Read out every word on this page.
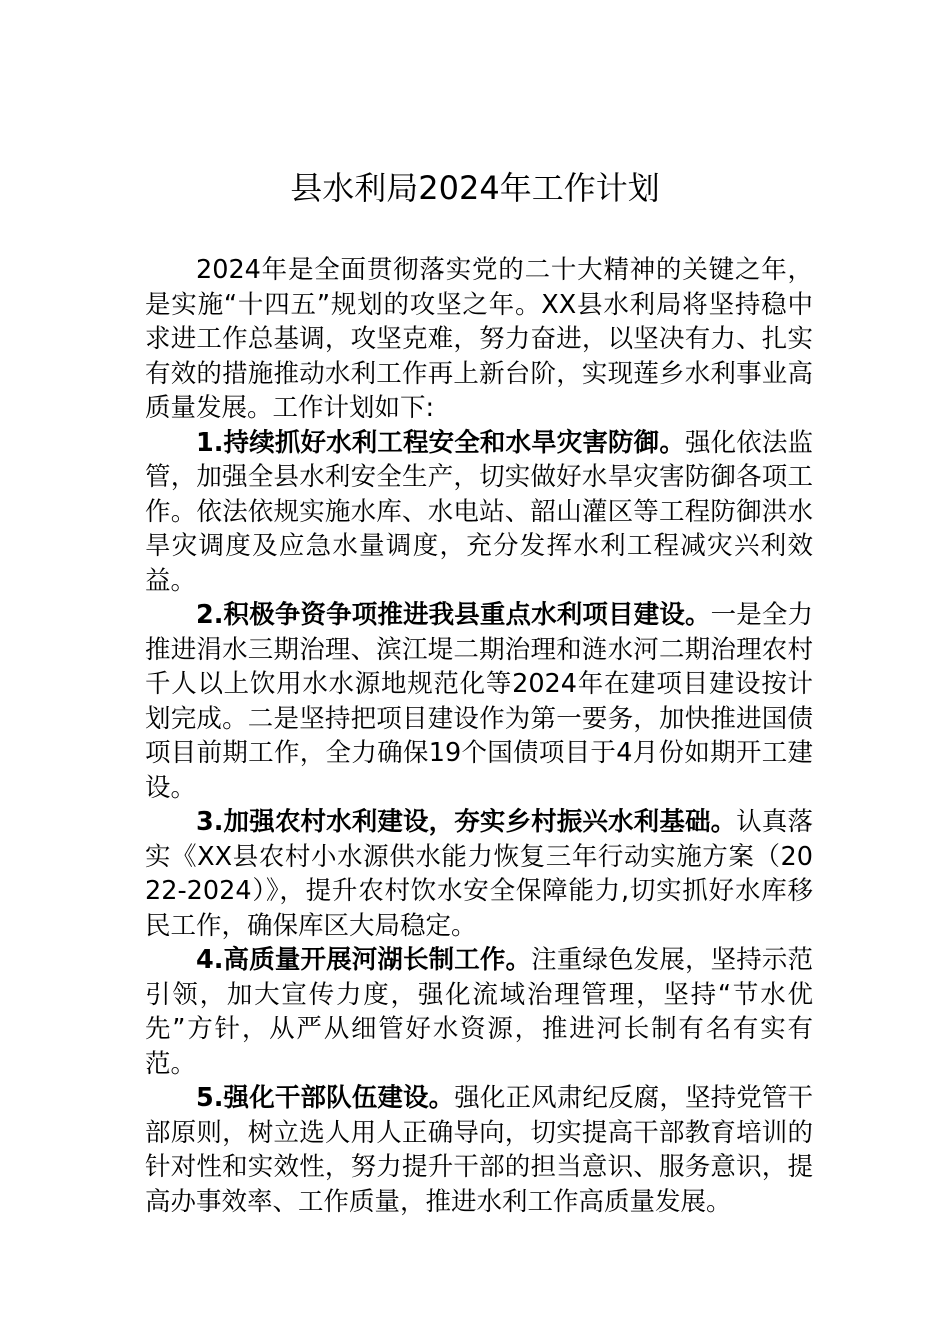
县水利局2024年工作计划

2024年是全面贯彻落实党的二十大精神的关键之年，是实施“十四五”规划的攻坚之年。XX县水利局将坚持稳中求进工作总基调，攻坚克难，努力奋进，以坚决有力、扎实有效的措施推动水利工作再上新台阶，实现莲乡水利事业高质量发展。工作计划如下:

1.持续抓好水利工程安全和水旱灾害防御。强化依法监管，加强全县水利安全生产，切实做好水旱灾害防御各项工作。依法依规实施水库、水电站、韶山灌区等工程防御洪水旱灾调度及应急水量调度，充分发挥水利工程减灾兴利效益。

2.积极争资争项推进我县重点水利项目建设。一是全力推进涓水三期治理、滨江堤二期治理和涟水河二期治理农村千人以上饮用水水源地规范化等2024年在建项目建设按计划完成。二是坚持把项目建设作为第一要务，加快推进国债项目前期工作，全力确保19个国债项目于4月份如期开工建设。

3.加强农村水利建设，夯实乡村振兴水利基础。认真落实《XX县农村小水源供水能力恢复三年行动实施方案（2022-2024）》，提升农村饮水安全保障能力,切实抓好水库移民工作，确保库区大局稳定。

4.高质量开展河湖长制工作。注重绿色发展，坚持示范引领，加大宣传力度，强化流域治理管理，坚持“节水优先”方针，从严从细管好水资源，推进河长制有名有实有范。

5.强化干部队伍建设。强化正风肃纪反腐，坚持党管干部原则，树立选人用人正确导向，切实提高干部教育培训的针对性和实效性，努力提升干部的担当意识、服务意识，提高办事效率、工作质量，推进水利工作高质量发展。
